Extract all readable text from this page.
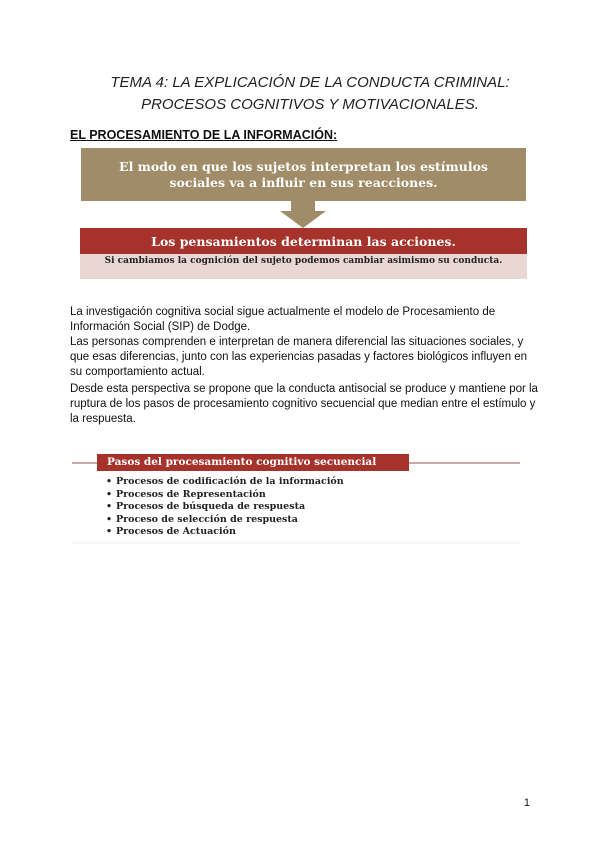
TEMA 4: LA EXPLICACIÓN DE LA CONDUCTA CRIMINAL:
PROCESOS COGNITIVOS Y MOTIVACIONALES.
EL PROCESAMIENTO DE LA INFORMACIÓN:
El modo en que los sujetos interpretan los estímulos sociales va a influir en sus reacciones.
Los pensamientos determinan las acciones.
Si cambiamos la cognición del sujeto podemos cambiar asimismo su conducta.
La investigación cognitiva social sigue actualmente el modelo de Procesamiento de Información Social (SIP) de Dodge.
Las personas comprenden e interpretan de manera diferencial las situaciones sociales, y que esas diferencias, junto con las experiencias pasadas y factores biológicos influyen en su comportamiento actual.
Desde esta perspectiva se propone que la conducta antisocial se produce y mantiene por la ruptura de los pasos de procesamiento cognitivo secuencial que median entre el estímulo y la respuesta.
Pasos del procesamiento cognitivo secuencial
• Procesos de codificación de la información
• Procesos de Representación
• Procesos de búsqueda de respuesta
• Proceso de selección de respuesta
• Procesos de Actuación
1
